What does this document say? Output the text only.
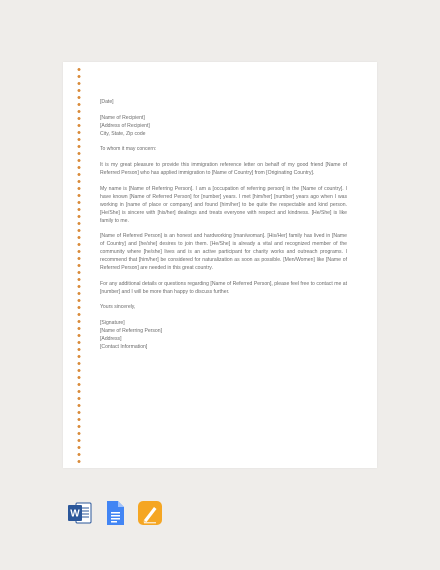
[Date]

[Name of Recipient]
[Address of Recipient]
City, State, Zip code

To whom it may concern:

It is my great pleasure to provide this immigration reference letter on behalf of my good friend [Name of Referred Person] who has applied immigration to [Name of Country] from [Originating Country].

My name is [Name of Referring Person]. I am a [occupation of referring person] in the [Name of country]. I have known [Name of Referred Person] for [number] years. I met [him/her] [number] years ago when I was working in [name of place or company] and found [him/her] to be quite the respectable and kind person. [He/She] is sincere with [his/her] dealings and treats everyone with respect and kindness. [He/She] is like family to me.

[Name of Referred Person] is an honest and hardworking [man/woman]. [His/Her] family has lived in [Name of Country] and [he/she] desires to join them. [He/She] is already a vital and recognized member of the community where [he/she] lives and is an active participant for charity works and outreach programs. I recommend that [him/her] be considered for naturalization as soon as possible. [Men/Women] like [Name of Referred Person] are needed in this great country.

For any additional details or questions regarding [Name of Referred Person], please feel free to contact me at [number] and I will be more than happy to discuss further.

Yours sincerely,

[Signature]
[Name of Referring Person]
[Address]
[Contact Information]

W
